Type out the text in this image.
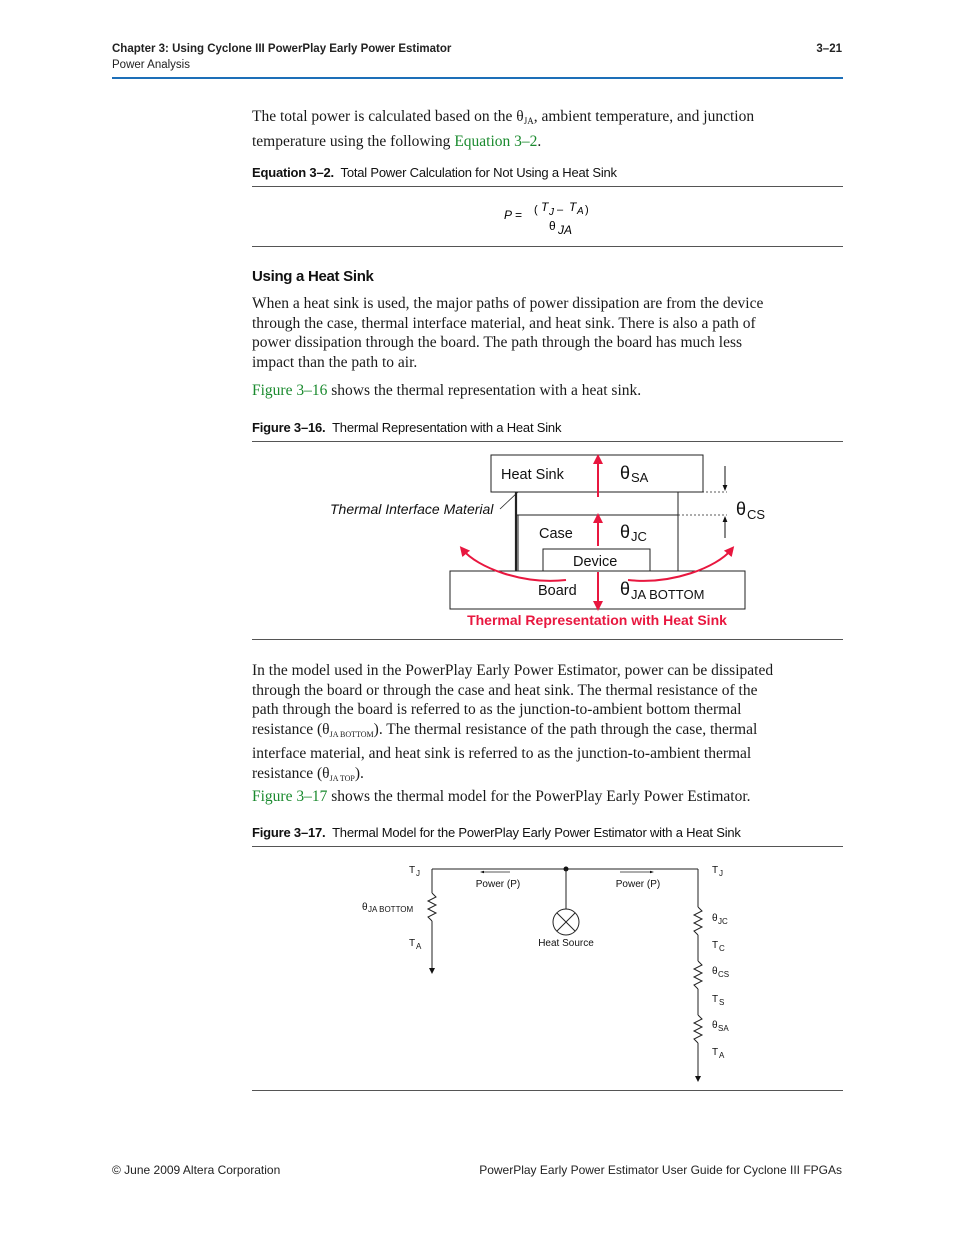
Chapter 3: Using Cyclone III PowerPlay Early Power Estimator
Power Analysis
3–21
The total power is calculated based on the $\theta_{JA}$, ambient temperature, and junction
temperature using the following Equation 3–2.
Equation 3–2. Total Power Calculation for Not Using a Heat Sink
P = ( T J – T A )
θ JA
Using a Heat Sink
When a heat sink is used, the major paths of power dissipation are from the device
through the case, thermal interface material, and heat sink. There is also a path of
power dissipation through the board. The path through the board has much less
impact than the path to air.
Figure 3–16 shows the thermal representation with a heat sink.
Figure 3–16. Thermal Representation with a Heat Sink
Heat Sink	θ SA
Case	θ JC
Device
Board θ JA BOTTOM
Thermal Interface Material	θ CS
Thermal Representation with Heat Sink
In the model used in the PowerPlay Early Power Estimator, power can be dissipated
through the board or through the case and heat sink. The thermal resistance of the
path through the board is referred to as the junction-to-ambient bottom thermal
resistance $(\theta_{JA BOTTOM})$. The thermal resistance of the path through the case, thermal
interface material, and heat sink is referred to as the junction-to-ambient thermal
resistance $(\theta_{JA TOP})$.
Figure 3–17 shows the thermal model for the PowerPlay Early Power Estimator.
Figure 3–17. Thermal Model for the PowerPlay Early Power Estimator with a Heat Sink
Heat Source
Power (P)	Power (P)
T J
θ JA BOTTOM
T A
T J
θ JC
T C
θ CS
T S
θ SA
T A
© June 2009 Altera Corporation	PowerPlay Early Power Estimator User Guide for Cyclone III FPGAs
